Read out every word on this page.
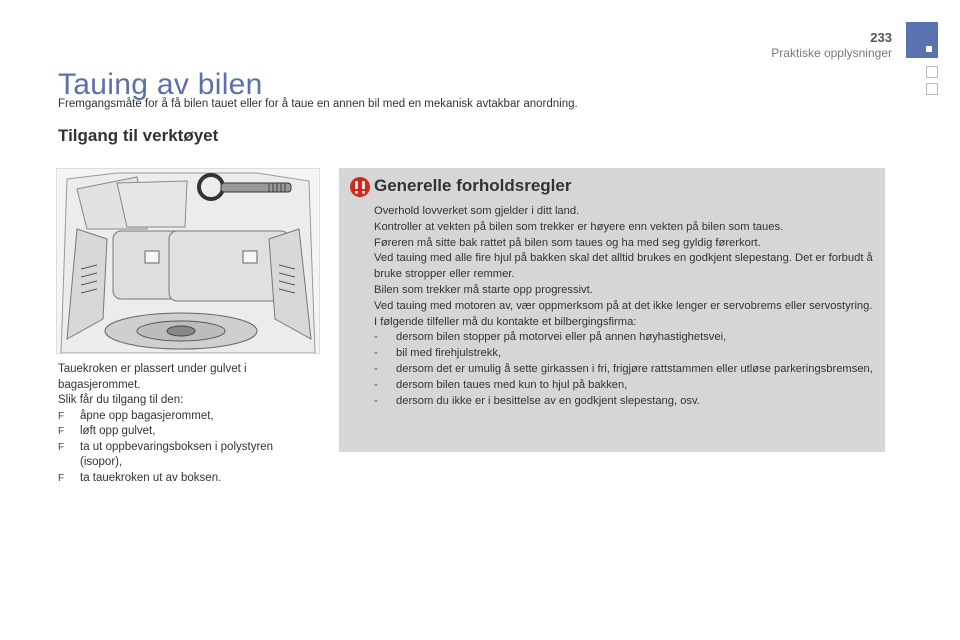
233
Praktiske opplysninger
Tauing av bilen

Fremgangsmåte for å få bilen tauet eller for å taue en annen bil med en mekanisk avtakbar anordning.

Tilgang til verktøyet

Tauekroken er plassert under gulvet i bagasjerommet.

Slik får du tilgang til den:

F åpne opp bagasjerommet,
F løft opp gulvet,
F ta ut oppbevaringsboksen i polystyren (isopor),
F ta tauekroken ut av boksen.
Generelle forholdsregler

Overhold lovverket som gjelder i ditt land.

Kontroller at vekten på bilen som trekker er høyere enn vekten på bilen som taues.

Føreren må sitte bak rattet på bilen som taues og ha med seg gyldig førerkort.

Ved tauing med alle fire hjul på bakken skal det alltid brukes en godkjent slepestang. Det er forbudt å bruke stropper eller remmer.

Bilen som trekker må starte opp progressivt.

Ved tauing med motoren av, vær oppmerksom på at det ikke lenger er servobrems eller servostyring.

I følgende tilfeller må du kontakte et bilbergingsfirma:

- dersom bilen stopper på motorvei eller på annen høyhastighetsvei,
- bil med firehjulstrekk,
- dersom det er umulig å sette girkassen i fri, frigjøre rattstammen eller utløse parkeringsbremsen,
- dersom bilen taues med kun to hjul på bakken,
- dersom du ikke er i besittelse av en godkjent slepestang, osv.
